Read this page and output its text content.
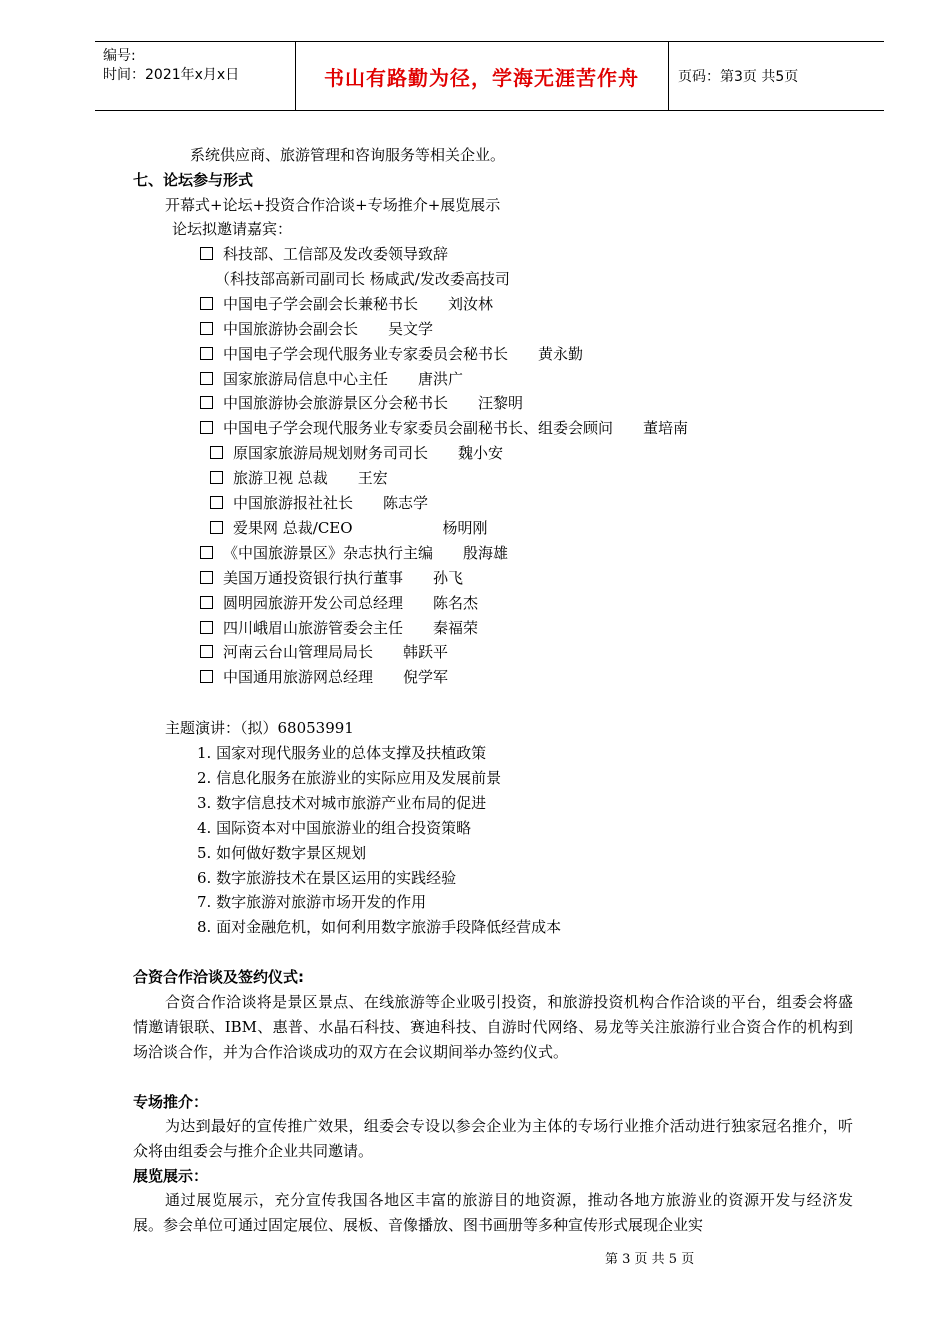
编号:
时间：2021年x月x日	书山有路勤为径，学海无涯苦作舟	页码：第3页 共5页
系统供应商、旅游管理和咨询服务等相关企业。
七、论坛参与形式
开幕式+论坛+投资合作洽谈+专场推介+展览展示
论坛拟邀请嘉宾：
科技部、工信部及发改委领导致辞
（科技部高新司副司长 杨咸武/发改委高技司
中国电子学会副会长兼秘书长 刘汝林
中国旅游协会副会长 吴文学
中国电子学会现代服务业专家委员会秘书长 黄永勤
国家旅游局信息中心主任 唐洪广
中国旅游协会旅游景区分会秘书长 汪黎明
中国电子学会现代服务业专家委员会副秘书长、组委会顾问 董培南
原国家旅游局规划财务司司长 魏小安
旅游卫视 总裁 王宏
中国旅游报社社长 陈志学
爱果网 总裁/CEO	杨明刚
《中国旅游景区》杂志执行主编 殷海雄
美国万通投资银行执行董事 孙飞
圆明园旅游开发公司总经理 陈名杰
四川峨眉山旅游管委会主任 秦福荣
河南云台山管理局局长 韩跃平
中国通用旅游网总经理 倪学军
主题演讲：（拟）68053991
1. 国家对现代服务业的总体支撑及扶植政策
2. 信息化服务在旅游业的实际应用及发展前景
3. 数字信息技术对城市旅游产业布局的促进
4. 国际资本对中国旅游业的组合投资策略
5. 如何做好数字景区规划
6. 数字旅游技术在景区运用的实践经验
7. 数字旅游对旅游市场开发的作用
8. 面对金融危机，如何利用数字旅游手段降低经营成本
合资合作洽谈及签约仪式:
合资合作洽谈将是景区景点、在线旅游等企业吸引投资，和旅游投资机构合作洽谈的平台，组委会将盛情邀请银联、IBM、惠普、水晶石科技、赛迪科技、自游时代网络、易龙等关注旅游行业合资合作的机构到场洽谈合作，并为合作洽谈成功的双方在会议期间举办签约仪式。
专场推介：
为达到最好的宣传推广效果，组委会专设以参会企业为主体的专场行业推介活动进行独家冠名推介，听众将由组委会与推介企业共同邀请。
展览展示：
通过展览展示，充分宣传我国各地区丰富的旅游目的地资源，推动各地方旅游业的资源开发与经济发展。参会单位可通过固定展位、展板、音像播放、图书画册等多种宣传形式展现企业实
第 3 页 共 5 页
